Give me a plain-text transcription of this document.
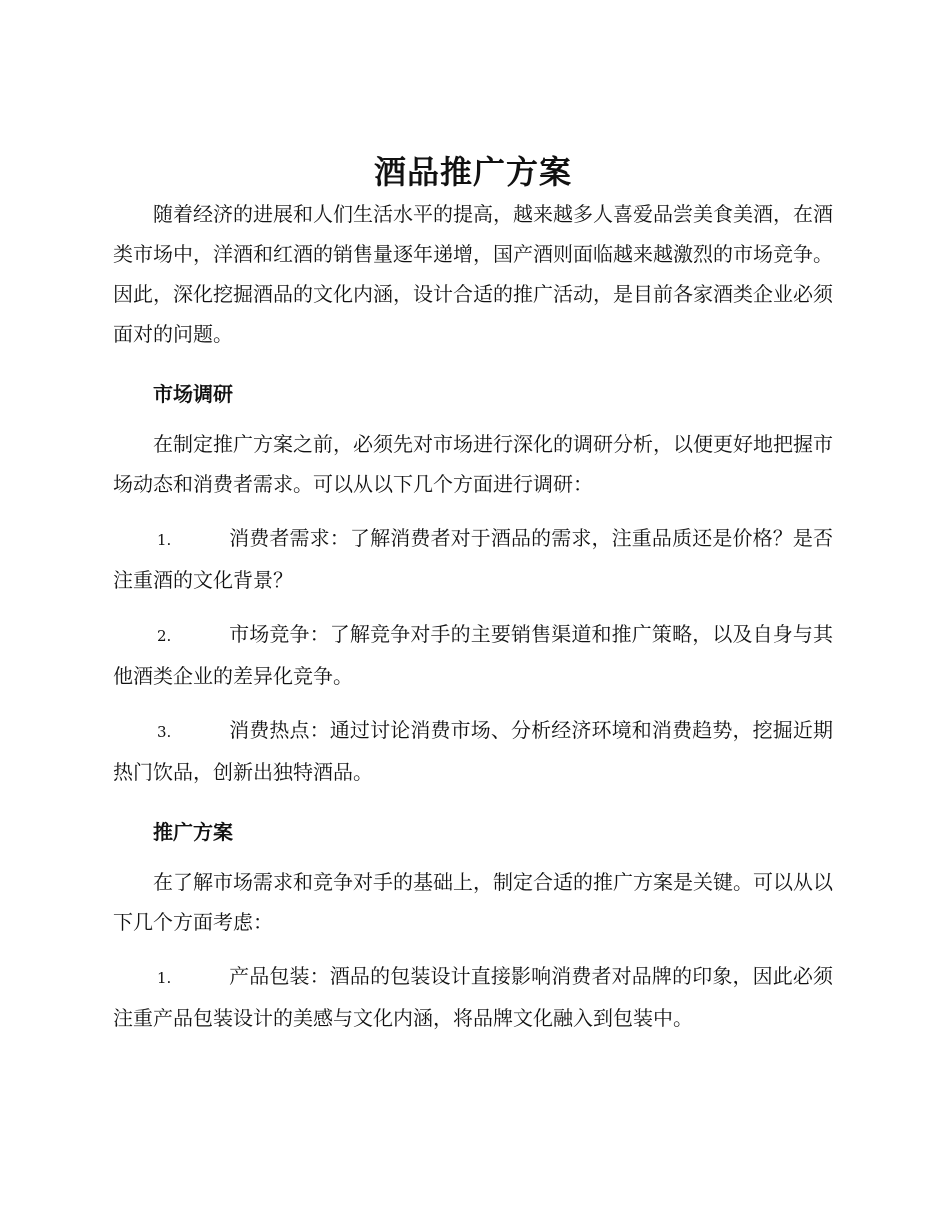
酒品推广方案

随着经济的进展和人们生活水平的提高，越来越多人喜爱品尝美食美酒，在酒类市场中，洋酒和红酒的销售量逐年递增，国产酒则面临越来越激烈的市场竞争。因此，深化挖掘酒品的文化内涵，设计合适的推广活动，是目前各家酒类企业必须面对的问题。

市场调研

在制定推广方案之前，必须先对市场进行深化的调研分析，以便更好地把握市场动态和消费者需求。可以从以下几个方面进行调研：

1.	消费者需求：了解消费者对于酒品的需求，注重品质还是价格？是否注重酒的文化背景？

2.	市场竞争：了解竞争对手的主要销售渠道和推广策略，以及自身与其他酒类企业的差异化竞争。

3.	消费热点：通过讨论消费市场、分析经济环境和消费趋势，挖掘近期热门饮品，创新出独特酒品。

推广方案

在了解市场需求和竞争对手的基础上，制定合适的推广方案是关键。可以从以下几个方面考虑：

1.	产品包装：酒品的包装设计直接影响消费者对品牌的印象，因此必须注重产品包装设计的美感与文化内涵，将品牌文化融入到包装中。
